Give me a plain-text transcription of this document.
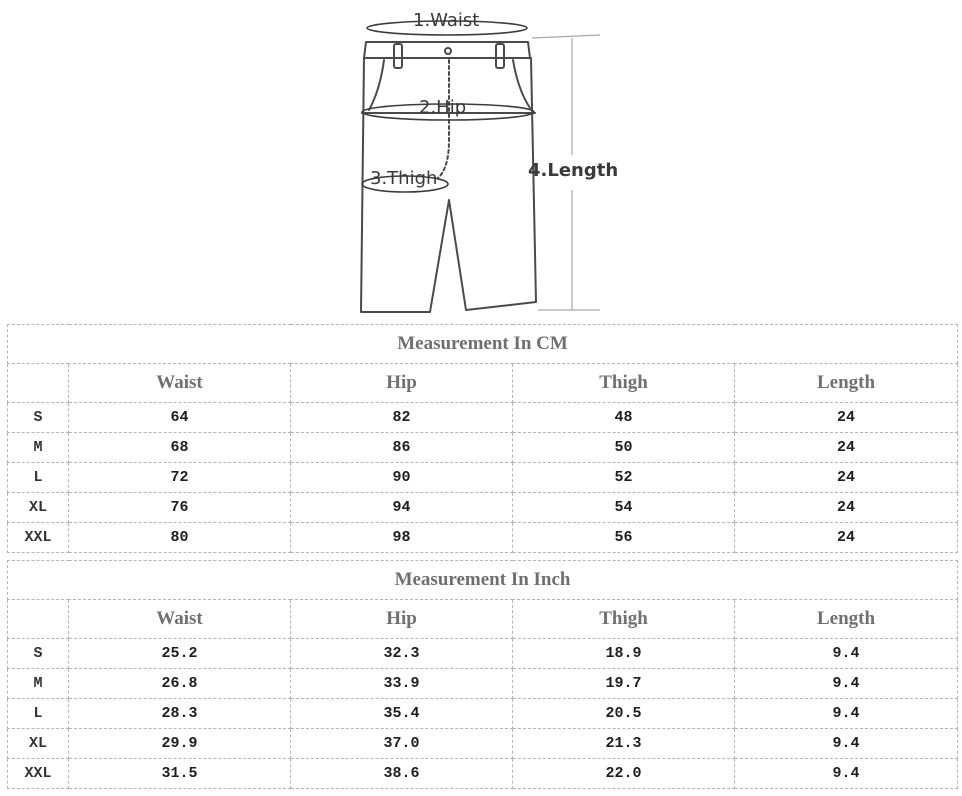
1.Waist
2.Hip
3.Thigh	4.Length
Measurement In CM				
	Waist	Hip	Thigh	Length
S	64	82	48	24
M	68	86	50	24
L	72	90	52	24
XL	76	94	54	24
XXL	80	98	56	24
Measurement In Inch				
	Waist	Hip	Thigh	Length
S	25.2	32.3	18.9	9.4
M	26.8	33.9	19.7	9.4
L	28.3	35.4	20.5	9.4
XL	29.9	37.0	21.3	9.4
XXL	31.5	38.6	22.0	9.4
